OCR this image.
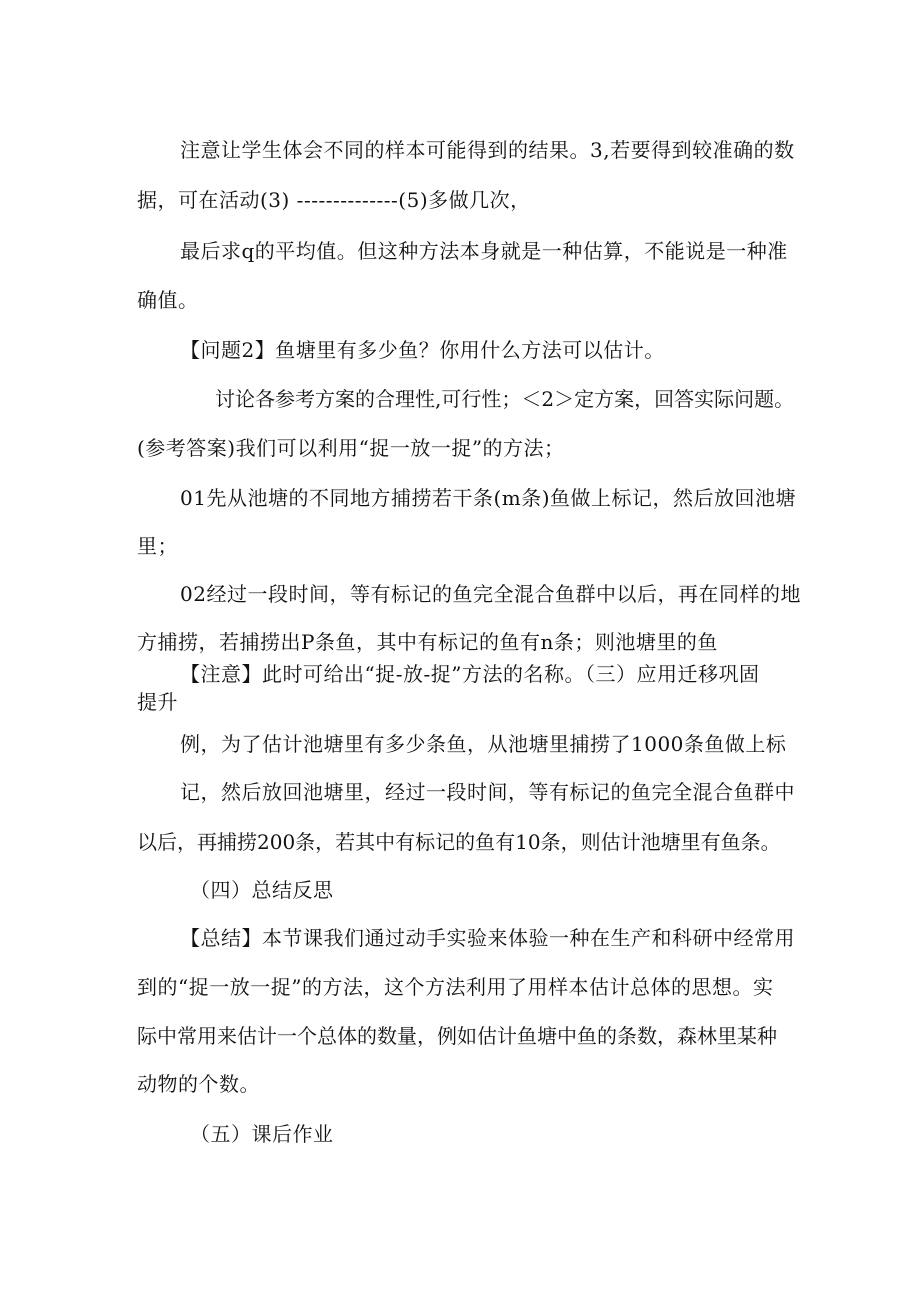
注意让学生体会不同的样本可能得到的结果。3,若要得到较准确的数

据，可在活动(3) --------------(5)多做几次，

最后求q的平均值。但这种方法本身就是一种估算，不能说是一种准

确值。

【问题2】鱼塘里有多少鱼？你用什么方法可以估计。

讨论各参考方案的合理性,可行性；＜2＞定方案，回答实际问题。

(参考答案)我们可以利用“捉一放一捉”的方法；

01先从池塘的不同地方捕捞若干条(m条)鱼做上标记，然后放回池塘

里；

02经过一段时间，等有标记的鱼完全混合鱼群中以后，再在同样的地

方捕捞，若捕捞出P条鱼，其中有标记的鱼有n条；则池塘里的鱼

【注意】此时可给出“捉-放-捉”方法的名称。（三）应用迁移巩固

提升

例，为了估计池塘里有多少条鱼，从池塘里捕捞了1000条鱼做上标

记，然后放回池塘里，经过一段时间，等有标记的鱼完全混合鱼群中

以后，再捕捞200条，若其中有标记的鱼有10条，则估计池塘里有鱼条。

（四）总结反思

【总结】本节课我们通过动手实验来体验一种在生产和科研中经常用

到的“捉一放一捉”的方法，这个方法利用了用样本估计总体的思想。实

际中常用来估计一个总体的数量，例如估计鱼塘中鱼的条数，森林里某种

动物的个数。

（五）课后作业
